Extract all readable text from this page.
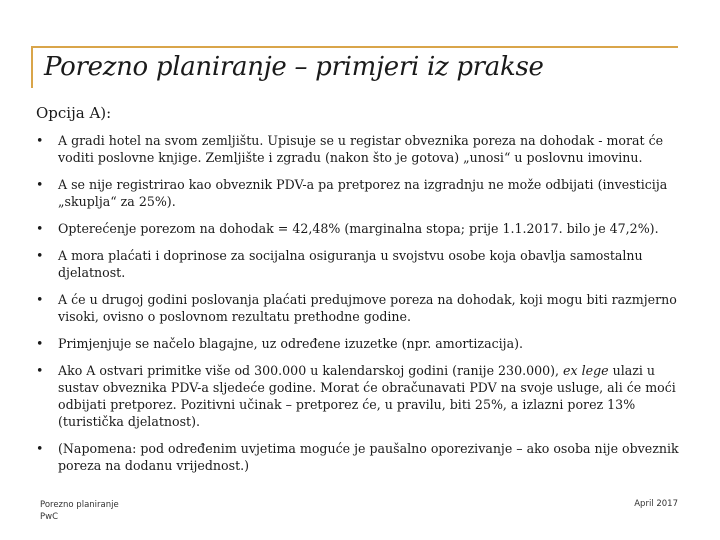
Porezno planiranje – primjeri iz prakse
Opcija A):
• A gradi hotel na svom zemljištu. Upisuje se u registar obveznika poreza na dohodak - morat će voditi poslovne knjige. Zemljište i zgradu (nakon što je gotova) „unosi“ u poslovnu imovinu.
• A se nije registrirao kao obveznik PDV-a pa pretporez na izgradnju ne može odbijati (investicija „skuplja“ za 25%).
• Opterećenje porezom na dohodak = 42,48% (marginalna stopa; prije 1.1.2017. bilo je 47,2%).
• A mora plaćati i doprinose za socijalna osiguranja u svojstvu osobe koja obavlja samostalnu djelatnost.
• A će u drugoj godini poslovanja plaćati predujmove poreza na dohodak, koji mogu biti razmjerno visoki, ovisno o poslovnom rezultatu prethodne godine.
• Primjenjuje se načelo blagajne, uz određene izuzetke (npr. amortizacija).
• Ako A ostvari primitke više od 300.000 u kalendarskoj godini (ranije 230.000), ex lege ulazi u sustav obveznika PDV-a sljedeće godine. Morat će obračunavati PDV na svoje usluge, ali će moći odbijati pretporez. Pozitivni učinak – pretporez će, u pravilu, biti 25%, a izlazni porez 13% (turistička djelatnost).
• (Napomena: pod određenim uvjetima moguće je paušalno oporezivanje – ako osoba nije obveznik poreza na dodanu vrijednost.)
Porezno planiranje
PwC
April 2017
